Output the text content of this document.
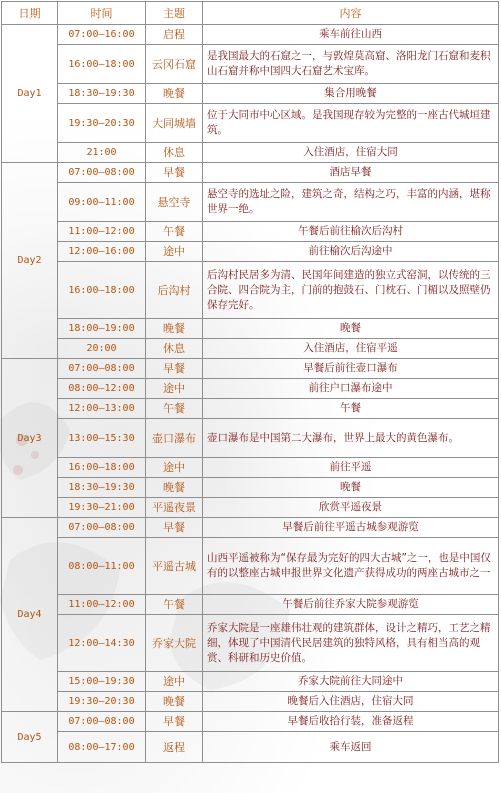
日期	时间	主题	内容
Day1	07:00—16:00	启程	乘车前往山西
	16:00—18:00	云冈石窟	是我国最大的石窟之一，与敦煌莫高窟、洛阳龙门石窟和麦积山石窟并称中国四大石窟艺术宝库。
	18:30—19:30	晚餐	集合用晚餐
	19:30—20:30	大同城墙	位于大同市中心区域。是我国现存较为完整的一座古代城垣建筑。
	21:00	休息	入住酒店，住宿大同
Day2	07:00—08:00	早餐	酒店早餐
	09:00—11:00	悬空寺	悬空寺的选址之险，建筑之奇，结构之巧，丰富的内涵，堪称世界一绝。
	11:00—12:00	午餐	午餐后前往榆次后沟村
	12:00—16:00	途中	前往榆次后沟途中
	16:00—18:00	后沟村	后沟村民居多为清、民国年间建造的独立式窑洞，以传统的三合院、四合院为主，门前的抱鼓石、门枕石、门楣以及照壁仍保存完好。
	18:00—19:00	晚餐	晚餐
	20:00	休息	入住酒店，住宿平遥
Day3	07:00—08:00	早餐	早餐后前往壶口瀑布
	08:00—12:00	途中	前往户口瀑布途中
	12:00—13:00	午餐	午餐
	13:00—15:30	壶口瀑布	壶口瀑布是中国第二大瀑布，世界上最大的黄色瀑布。
	16:00—18:00	途中	前往平遥
	18:30—19:30	晚餐	晚餐
	19:30—21:00	平遥夜景	欣赏平遥夜景
Day4	07:00—08:00	早餐	早餐后前往平遥古城参观游览
	08:00—11:00	平遥古城	山西平遥被称为“保存最为完好的四大古城”之一，也是中国仅有的以整座古城申报世界文化遗产获得成功的两座古城市之一
	11:00—12:00	午餐	午餐后前往乔家大院参观游览
	12:00—14:30	乔家大院	乔家大院是一座雄伟壮观的建筑群体，设计之精巧，工艺之精细，体现了中国清代民居建筑的独特风格，具有相当高的观赏、科研和历史价值。
	15:00—19:30	途中	乔家大院前往大同途中
	19:30—20:30	晚餐	晚餐后入住酒店，住宿大同
Day5	07:00—08:00	早餐	早餐后收拾行装，准备返程
	08:00—17:00	返程	乘车返回
